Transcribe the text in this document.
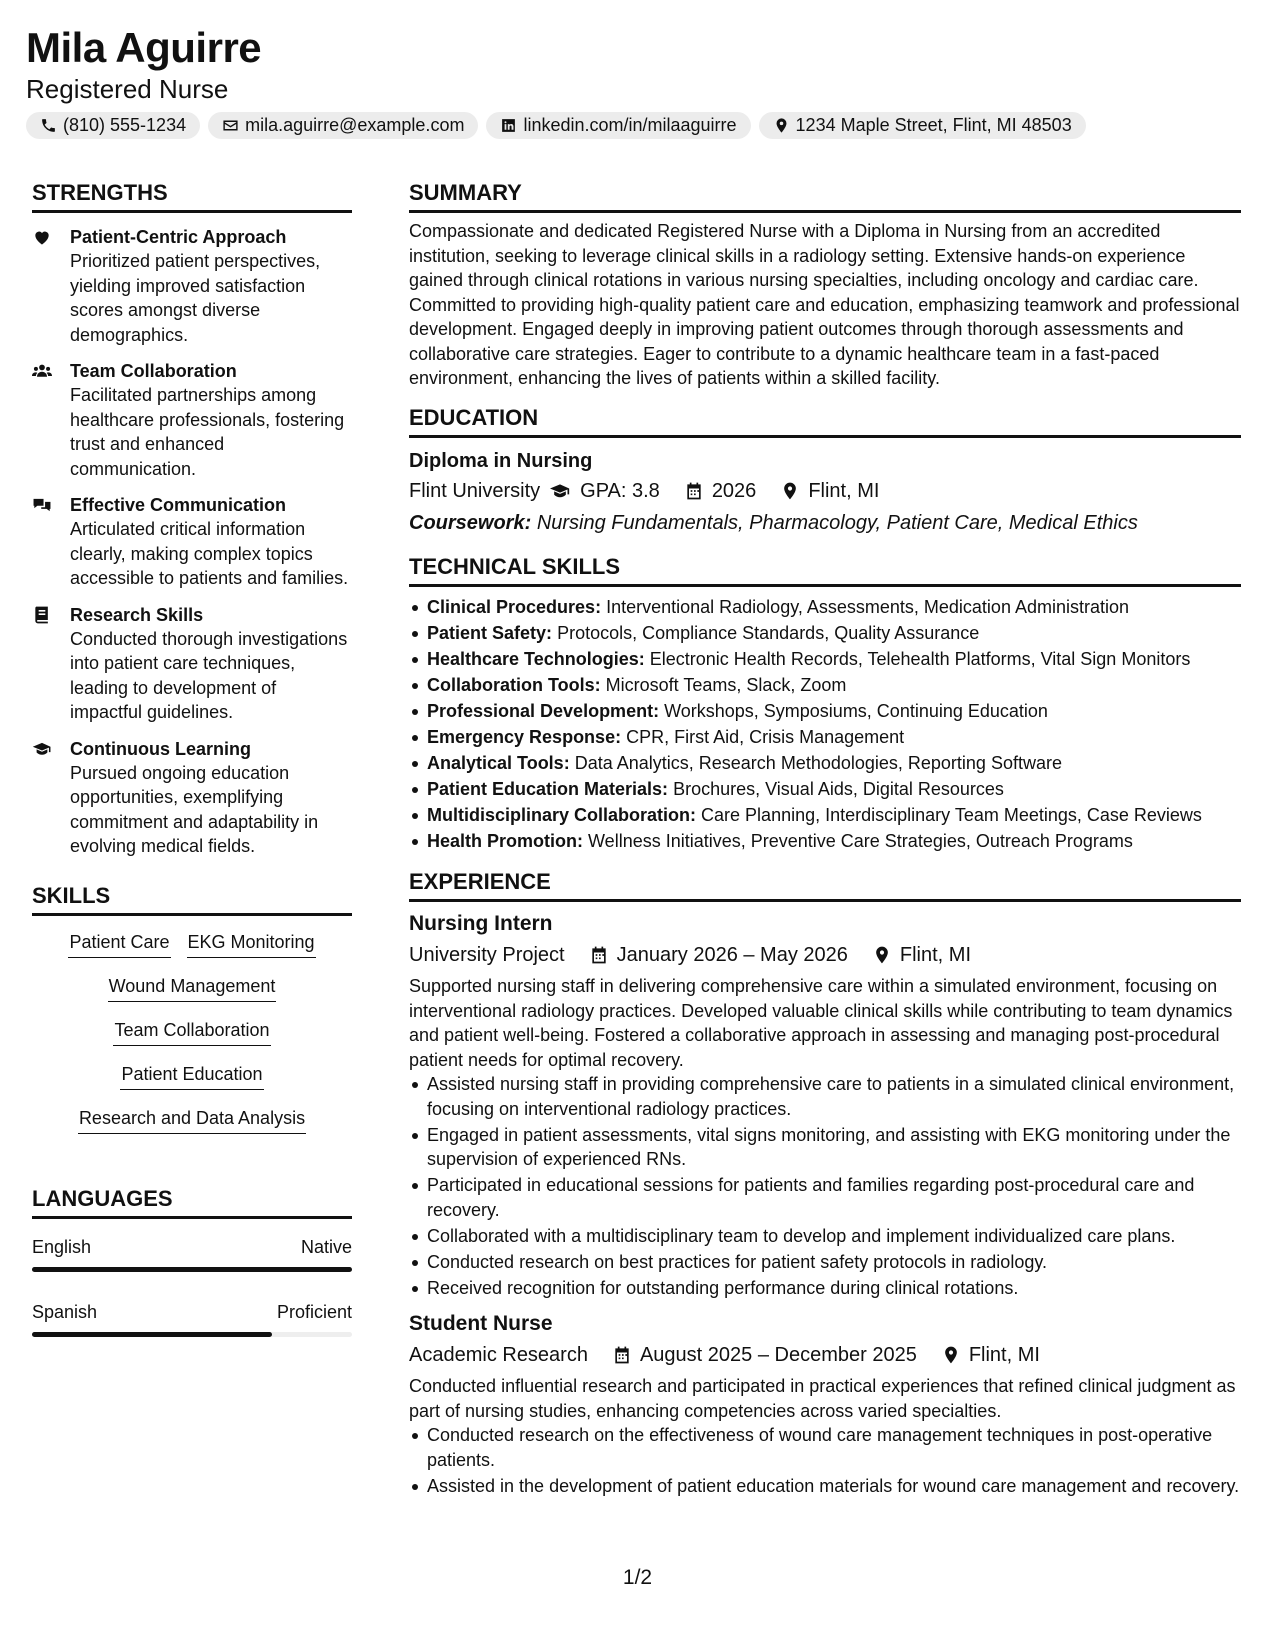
Mila Aguirre
Registered Nurse
(810) 555-1234	mila.aguirre@example.com	linkedin.com/in/milaaguirre	1234 Maple Street, Flint, MI 48503
STRENGTHS
Patient-Centric Approach
Prioritized patient perspectives, yielding improved satisfaction scores amongst diverse demographics.
Team Collaboration
Facilitated partnerships among healthcare professionals, fostering trust and enhanced communication.
Effective Communication
Articulated critical information clearly, making complex topics accessible to patients and families.
Research Skills
Conducted thorough investigations into patient care techniques, leading to development of impactful guidelines.
Continuous Learning
Pursued ongoing education opportunities, exemplifying commitment and adaptability in evolving medical fields.
SKILLS
Patient Care EKG Monitoring
Wound Management
Team Collaboration
Patient Education
Research and Data Analysis
LANGUAGES
English	Native
Spanish	Proficient
SUMMARY
Compassionate and dedicated Registered Nurse with a Diploma in Nursing from an accredited institution, seeking to leverage clinical skills in a radiology setting. Extensive hands-on experience gained through clinical rotations in various nursing specialties, including oncology and cardiac care. Committed to providing high-quality patient care and education, emphasizing teamwork and professional development. Engaged deeply in improving patient outcomes through thorough assessments and collaborative care strategies. Eager to contribute to a dynamic healthcare team in a fast-paced environment, enhancing the lives of patients within a skilled facility.
EDUCATION
Diploma in Nursing
Flint University GPA: 3.8	2026	Flint, MI
Coursework: Nursing Fundamentals, Pharmacology, Patient Care, Medical Ethics
TECHNICAL SKILLS
Clinical Procedures: Interventional Radiology, Assessments, Medication Administration
Patient Safety: Protocols, Compliance Standards, Quality Assurance
Healthcare Technologies: Electronic Health Records, Telehealth Platforms, Vital Sign Monitors
Collaboration Tools: Microsoft Teams, Slack, Zoom
Professional Development: Workshops, Symposiums, Continuing Education
Emergency Response: CPR, First Aid, Crisis Management
Analytical Tools: Data Analytics, Research Methodologies, Reporting Software
Patient Education Materials: Brochures, Visual Aids, Digital Resources
Multidisciplinary Collaboration: Care Planning, Interdisciplinary Team Meetings, Case Reviews
Health Promotion: Wellness Initiatives, Preventive Care Strategies, Outreach Programs
EXPERIENCE
Nursing Intern
University Project	January 2026 – May 2026	Flint, MI
Supported nursing staff in delivering comprehensive care within a simulated environment, focusing on interventional radiology practices. Developed valuable clinical skills while contributing to team dynamics and patient well-being. Fostered a collaborative approach in assessing and managing post-procedural patient needs for optimal recovery.
Assisted nursing staff in providing comprehensive care to patients in a simulated clinical environment, focusing on interventional radiology practices.
Engaged in patient assessments, vital signs monitoring, and assisting with EKG monitoring under the supervision of experienced RNs.
Participated in educational sessions for patients and families regarding post-procedural care and recovery.
Collaborated with a multidisciplinary team to develop and implement individualized care plans.
Conducted research on best practices for patient safety protocols in radiology.
Received recognition for outstanding performance during clinical rotations.
Student Nurse
Academic Research	August 2025 – December 2025	Flint, MI
Conducted influential research and participated in practical experiences that refined clinical judgment as part of nursing studies, enhancing competencies across varied specialties.
Conducted research on the effectiveness of wound care management techniques in post-operative patients.
Assisted in the development of patient education materials for wound care management and recovery.
1/2
